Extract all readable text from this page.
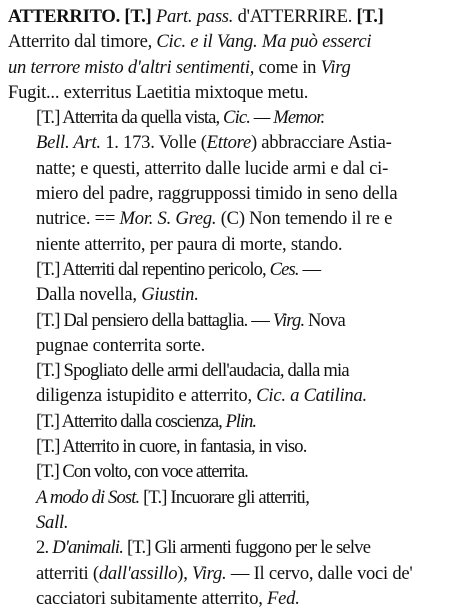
ATTERRITO. [T.] Part. pass. d'ATTERRIRE. [T.]
Atterrito dal timore, Cic. e il Vang. Ma può esserci
un terrore misto d'altri sentimenti, come in Virg
Fugit... exterritus Laetitia mixtoque metu.
[T.] Atterrita da quella vista, Cic. — Memor.
Bell. Art. 1. 173. Volle (Ettore) abbracciare Astia-
natte; e questi, atterrito dalle lucide armi e dal ci-
miero del padre, raggruppossi timido in seno della
nutrice. == Mor. S. Greg. (C) Non temendo il re e
niente atterrito, per paura di morte, stando.
[T.] Atterriti dal repentino pericolo, Ces. —
Dalla novella, Giustin.
[T.] Dal pensiero della battaglia. — Virg. Nova
pugnae conterrita sorte.
[T.] Spogliato delle armi dell'audacia, dalla mia
diligenza istupidito e atterrito, Cic. a Catilina.
[T.] Atterrito dalla coscienza, Plin.
[T.] Atterrito in cuore, in fantasia, in viso.
[T.] Con volto, con voce atterrita.
A modo di Sost. [T.] Incuorare gli atterriti,
Sall.
2. D'animali. [T.] Gli armenti fuggono per le selve
atterriti (dall'assillo), Virg. — Il cervo, dalle voci de'
cacciatori subitamente atterrito, Fed.
